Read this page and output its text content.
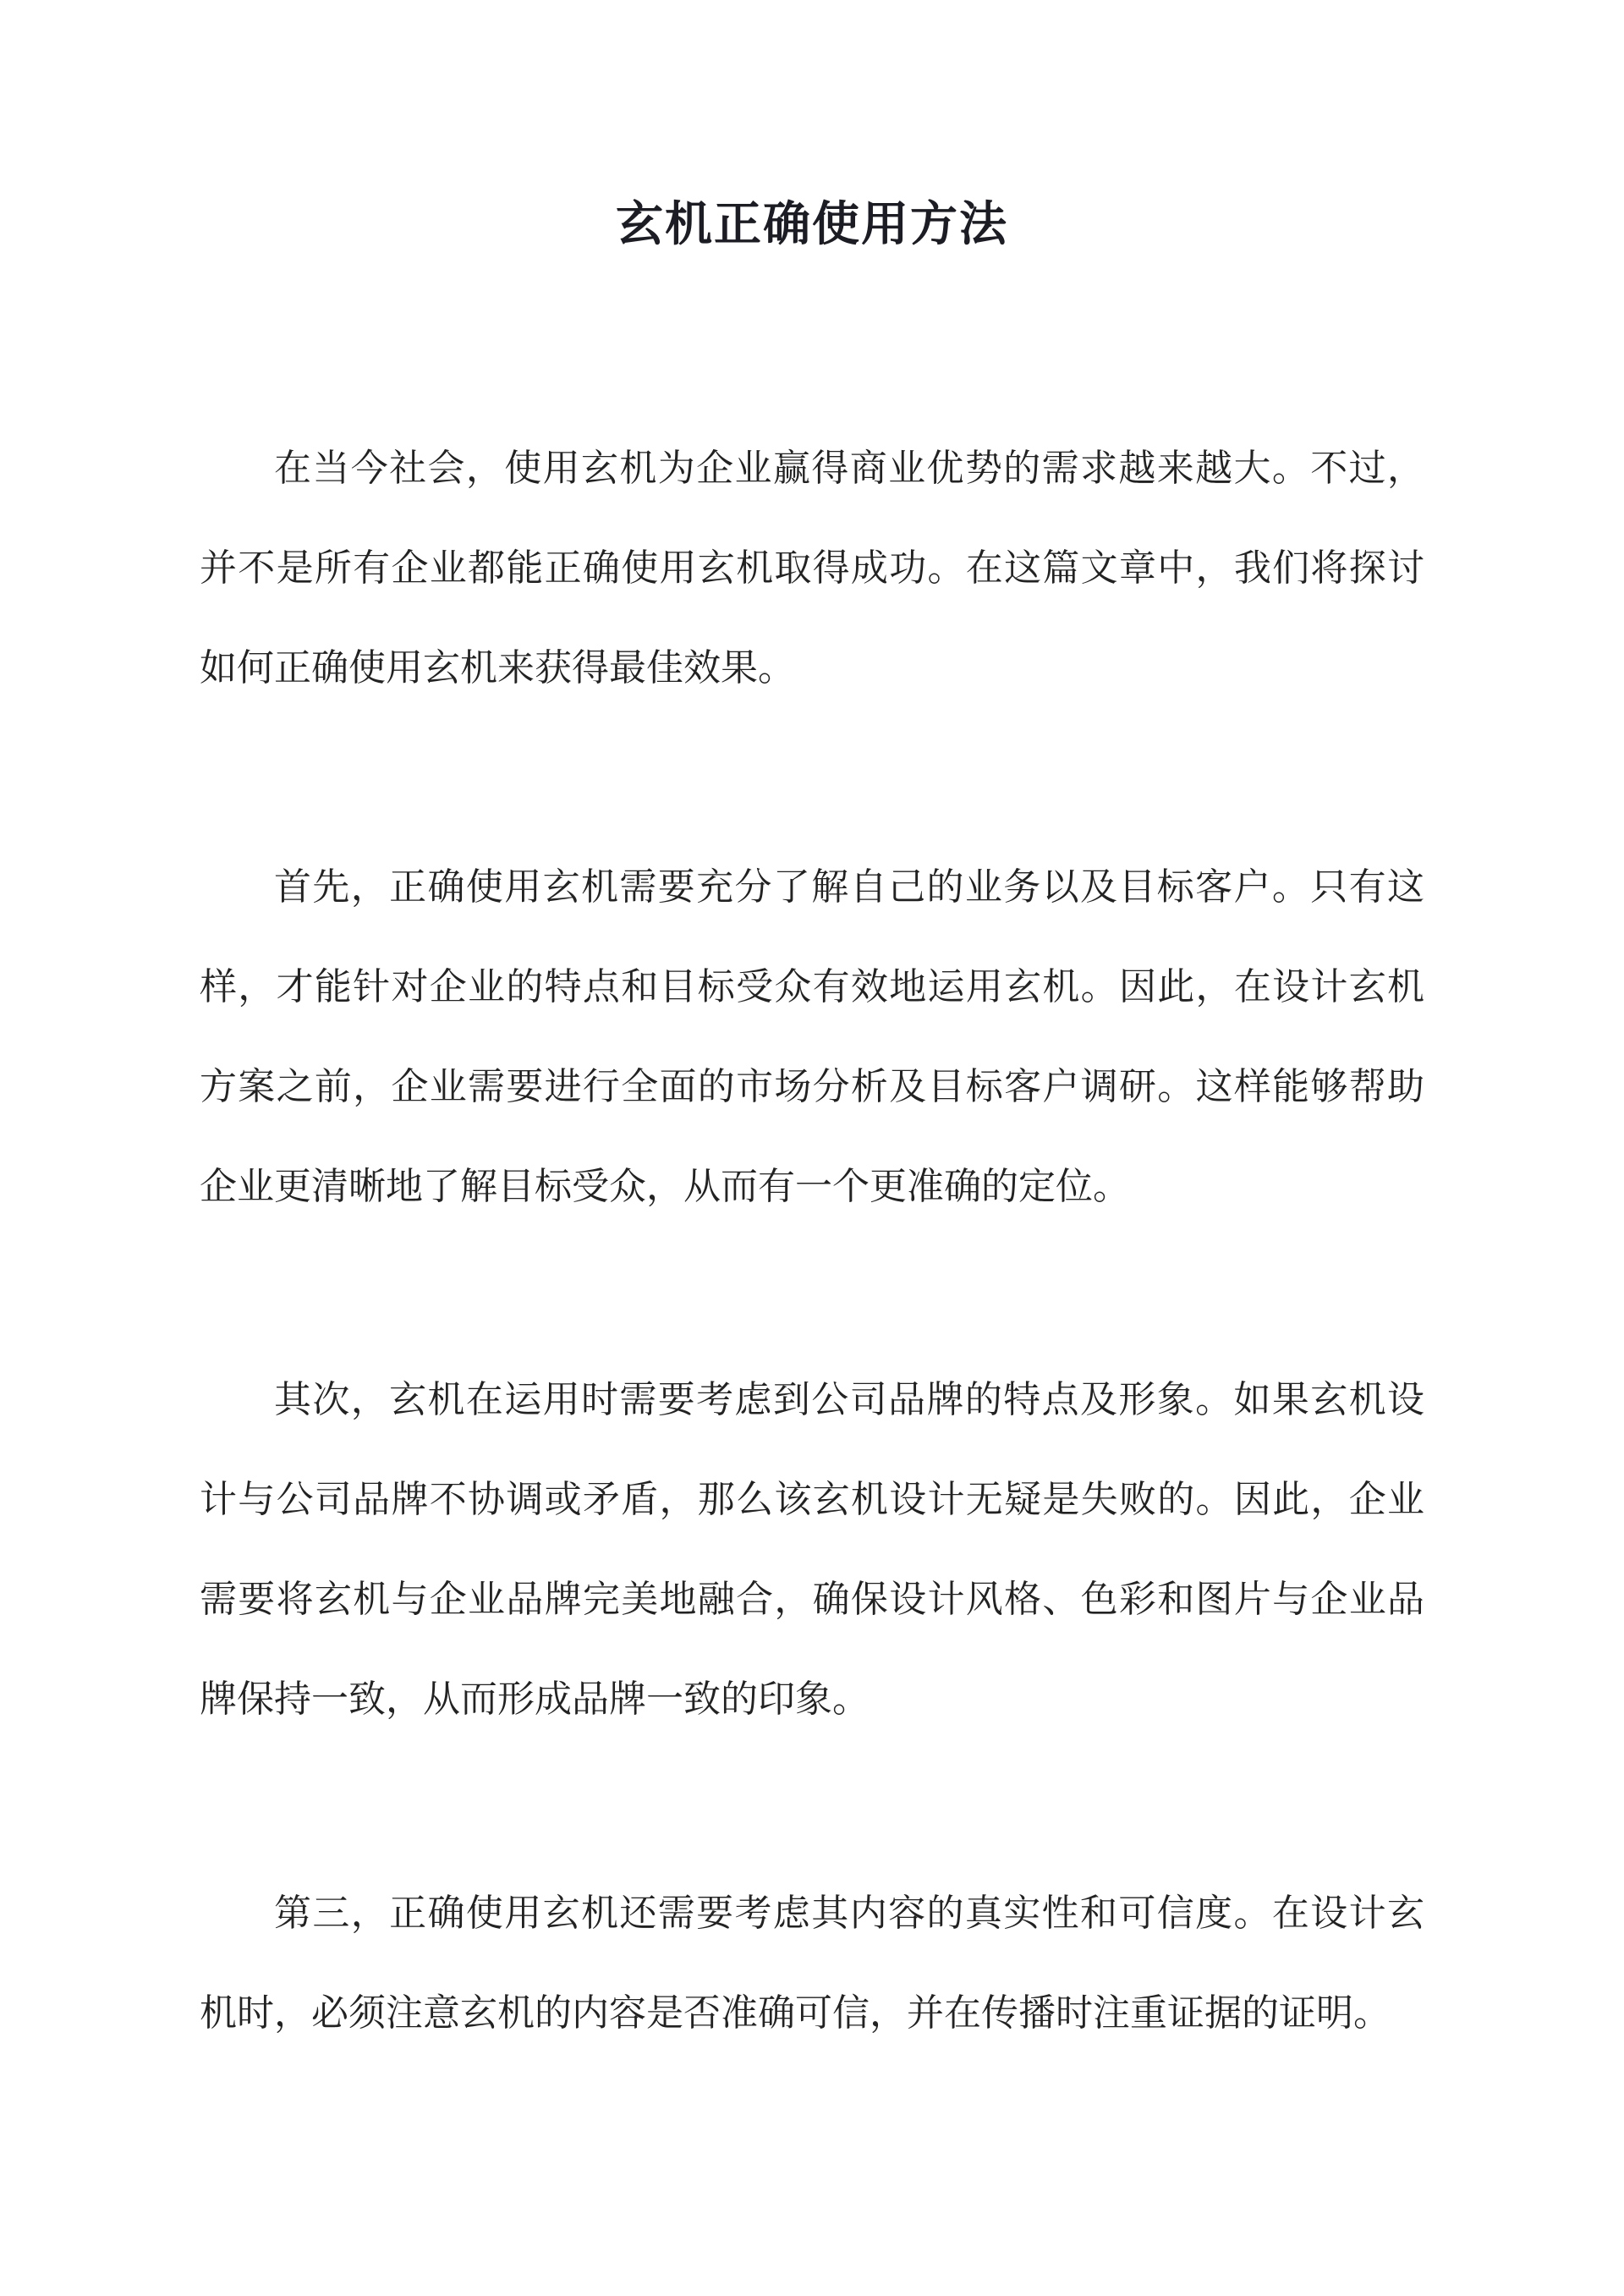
玄机正确使用方法

在当今社会，使用玄机为企业赢得商业优势的需求越来越大。不过，并不是所有企业都能正确使用玄机取得成功。在这篇文章中，我们将探讨如何正确使用玄机来获得最佳效果。

首先，正确使用玄机需要充分了解自己的业务以及目标客户。只有这样，才能针对企业的特点和目标受众有效地运用玄机。因此，在设计玄机方案之前，企业需要进行全面的市场分析及目标客户调研。这样能够帮助企业更清晰地了解目标受众，从而有一个更准确的定位。

其次，玄机在运用时需要考虑到公司品牌的特点及形象。如果玄机设计与公司品牌不协调或矛盾，那么该玄机设计无疑是失败的。因此，企业需要将玄机与企业品牌完美地融合，确保设计风格、色彩和图片与企业品牌保持一致，从而形成品牌一致的印象。

第三，正确使用玄机还需要考虑其内容的真实性和可信度。在设计玄机时，必须注意玄机的内容是否准确可信，并在传播时注重证据的证明。
